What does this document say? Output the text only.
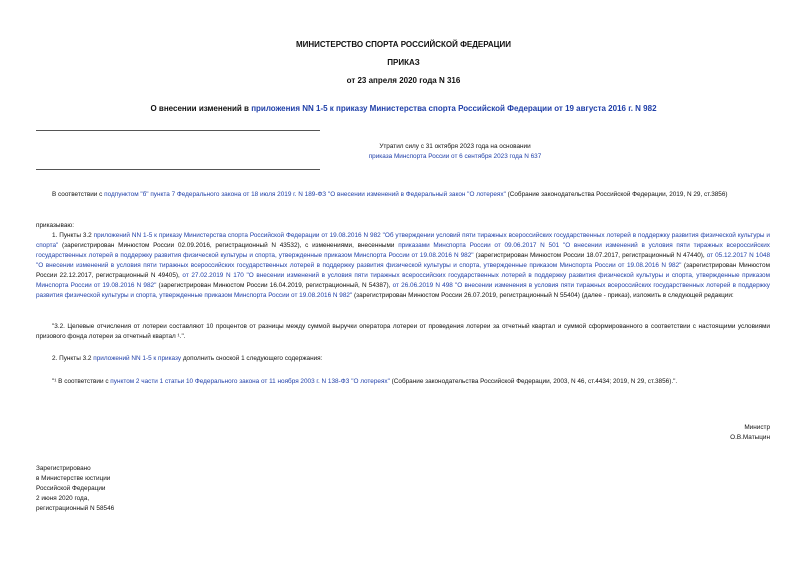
МИНИСТЕРСТВО СПОРТА РОССИЙСКОЙ ФЕДЕРАЦИИ
ПРИКАЗ
от 23 апреля 2020 года N 316
О внесении изменений в приложения NN 1-5 к приказу Министерства спорта Российской Федерации от 19 августа 2016 г. N 982
Утратил силу с 31 октября 2023 года на основании
приказа Минспорта России от 6 сентября 2023 года N 637
В соответствии с подпунктом "б" пункта 7 Федерального закона от 18 июля 2019 г. N 189-ФЗ "О внесении изменений в Федеральный закон "О лотереях" (Собрание законодательства Российской Федерации, 2019, N 29, ст.3856)
приказываю:
1. Пункты 3.2 приложений NN 1-5 к приказу Министерства спорта Российской Федерации от 19.08.2016 N 982 "Об утверждении условий пяти тиражных всероссийских государственных лотерей в поддержку развития физической культуры и спорта" (зарегистрирован Минюстом России 02.09.2016, регистрационный N 43532), с изменениями, внесенными приказами Минспорта России от 09.06.2017 N 501 "О внесении изменений в условия пяти тиражных всероссийских государственных лотерей в поддержку развития физической культуры и спорта, утвержденные приказом Минспорта России от 19.08.2016 N 982" (зарегистрирован Минюстом России 18.07.2017, регистрационный N 47440), от 05.12.2017 N 1048 "О внесении изменений в условия пяти тиражных всероссийских государственных лотерей в поддержку развития физической культуры и спорта, утвержденные приказом Минспорта России от 19.08.2016 N 982" (зарегистрирован Минюстом России 22.12.2017, регистрационный N 49405), от 27.02.2019 N 170 "О внесении изменений в условия пяти тиражных всероссийских государственных лотерей в поддержку развития физической культуры и спорта, утвержденные приказом Минспорта России от 19.08.2016 N 982" (зарегистрирован Минюстом России 16.04.2019, регистрационный, N 54387), от 26.06.2019 N 498 "О внесении изменения в условия пяти тиражных всероссийских государственных лотерей в поддержку развития физической культуры и спорта, утвержденные приказом Минспорта России от 19.08.2016 N 982" (зарегистрирован Минюстом России 26.07.2019, регистрационный N 55404) (далее - приказ), изложить в следующей редакции:
"3.2. Целевые отчисления от лотереи составляют 10 процентов от разницы между суммой выручки оператора лотереи от проведения лотереи за отчетный квартал и суммой сформированного в соответствии с настоящими условиями призового фонда лотереи за отчетный квартал ¹.".
2. Пункты 3.2 приложений NN 1-5 к приказу дополнить сноской 1 следующего содержания:
"¹ В соответствии с пунктом 2 части 1 статьи 10 Федерального закона от 11 ноября 2003 г. N 138-ФЗ "О лотереях" (Собрание законодательства Российской Федерации, 2003, N 46, ст.4434; 2019, N 29, ст.3856).".
Министр
О.В.Матыцин
Зарегистрировано
в Министерстве юстиции
Российской Федерации
2 июня 2020 года,
регистрационный N 58546
